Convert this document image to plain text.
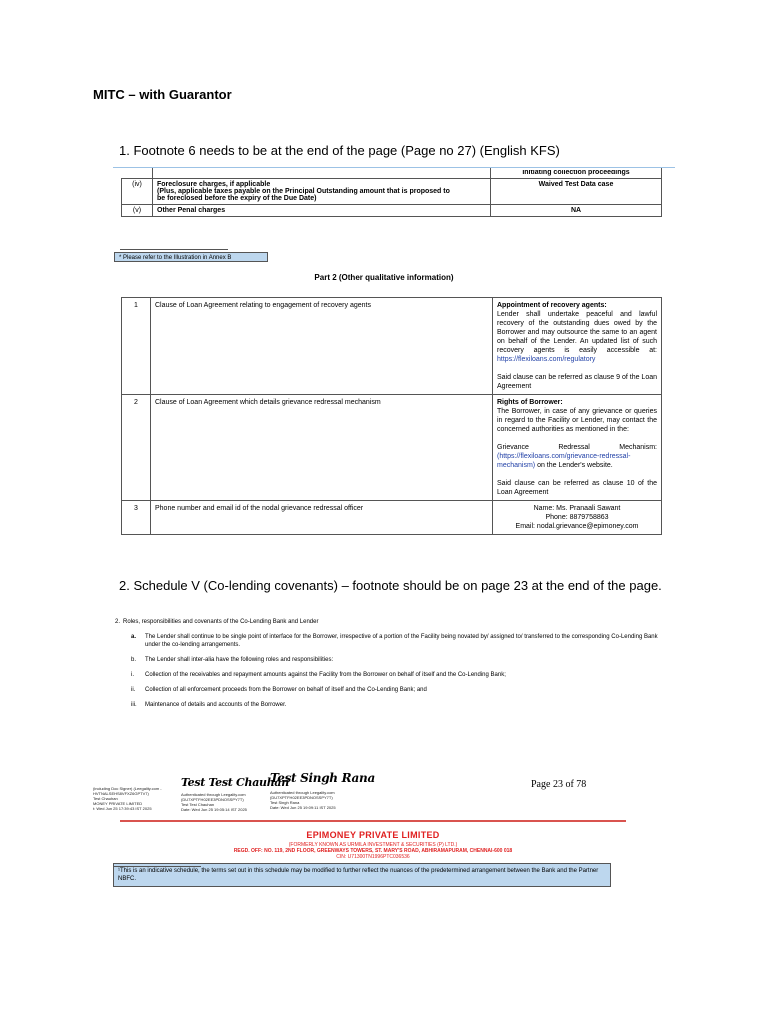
MITC – with Guarantor
1. Footnote 6 needs to be at the end of the page (Page no 27) (English KFS)

		Initiating collection proceedings

(iv)	Foreclosure charges, if applicable
(Plus, applicable taxes payable on the Principal Outstanding amount that is proposed to
be foreclosed before the expiry of the Due Date)	Waived Test Data case
(v)	Other Penal charges	NA
* Please refer to the Illustration in Annex B
Part 2 (Other qualitative information)
1	Clause of Loan Agreement relating to engagement of recovery agents	Appointment of recovery agents:
Lender shall undertake peaceful and lawful recovery of the outstanding dues owed by the Borrower and may outsource the same to an agent on behalf of the Lender. An updated list of such recovery agents is easily accessible at: https://flexiloans.com/regulatory
Said clause can be referred as clause 9 of the Loan Agreement

2	Clause of Loan Agreement which details grievance redressal mechanism	Rights of Borrower:
The Borrower, in case of any grievance or queries in regard to the Facility or Lender, may contact the concerned authorities as mentioned in the:
Grievance Redressal Mechanism:
(https://flexiloans.com/grievance-redressal-mechanism) on the Lender's website.
Said clause can be referred as clause 10 of the Loan Agreement

3	Phone number and email id of the nodal grievance redressal officer	Name: Ms. Pranaali Sawant
Phone: 8879758863
Email: nodal.grievance@epimoney.com
2. Schedule V (Co-lending covenants) – footnote should be on page 23 at the end of the page.
2. Roles, responsibilities and covenants of the Co-Lending Bank and Lender
a. The Lender shall continue to be single point of interface for the Borrower, irrespective of a portion of the Facility being novated by/ assigned to/ transferred to the corresponding Co-Lending Bank under the co-lending arrangements.
b. The Lender shall inter-alia have the following roles and responsibilities:
i. Collection of the receivables and repayment amounts against the Facility from the Borrower on behalf of itself and the Co-Lending Bank;
ii. Collection of all enforcement proceeds from the Borrower on behalf of itself and the Co-Lending Bank; and
iii. Maintenance of details and accounts of the Borrower.
(including Doc Signer) (Leegality.com -
HVTNALSEHS8VFXZ6GPTV7)
Test Chauhan
MONEY PRIVATE LIMITED
t: Wed Jun 25 17:39:43 IST 2025
Test Test Chauhan
Authenticated through Leegality.com
(DU7XPTFH02EE3PDNOSSPY7T)
Test Test Chauhan
Date: Wed Jun 25 19:05:14 IST 2025
Test Singh Rana
Authenticated through Leegality.com
(DU7XPTFH02EE3PDNOSSPY7T)
Test Singh Rana
Date: Wed Jun 25 19:09:11 IST 2025
Page 23 of 78
EPIMONEY PRIVATE LIMITED
(FORMERLY KNOWN AS URMILA INVESTMENT & SECURITIES (P) LTD.)
REGD. OFF: NO. 119, 2ND FLOOR, GREENWAYS TOWERS, ST. MARY'S ROAD, ABHIRAMAPURAM, CHENNAI-600 018
CIN: U71300TN1996PTC036536
¹This is an indicative schedule, the terms set out in this schedule may be modified to further reflect the nuances of the predetermined arrangement between the Bank and the Partner NBFC.
